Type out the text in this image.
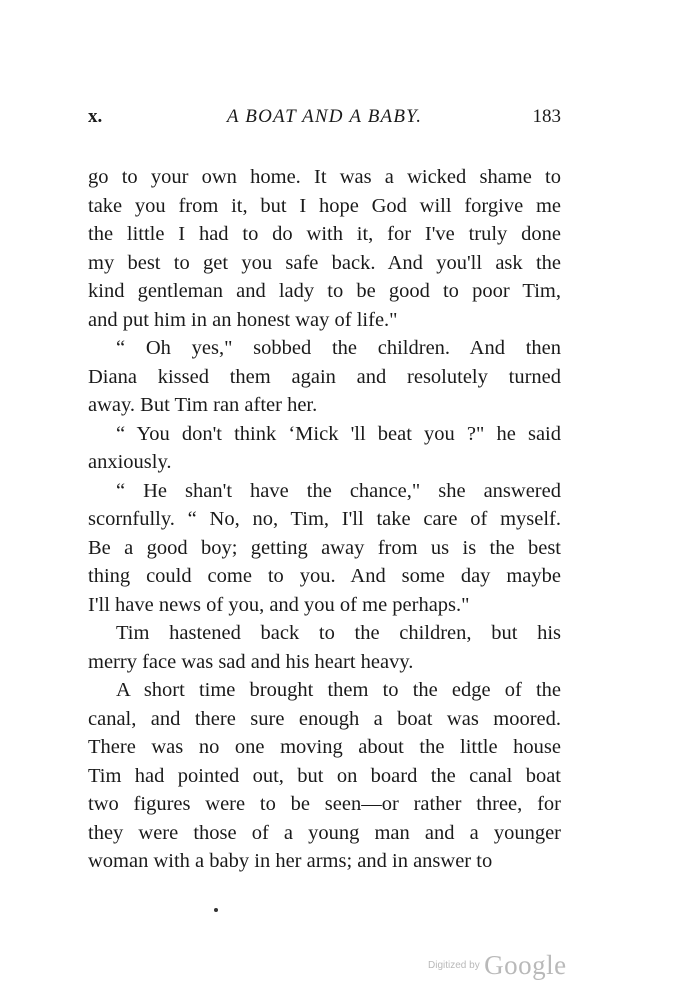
x.	A BOAT AND A BABY.	183

go to your own home. It was a wicked shame to
take you from it, but I hope God will forgive me
the little I had to do with it, for I've truly done
my best to get you safe back. And you'll ask the
kind gentleman and lady to be good to poor Tim,
and put him in an honest way of life."

“ Oh yes," sobbed the children. And then
Diana kissed them again and resolutely turned
away. But Tim ran after her.

“ You don't think ‘Mick 'll beat you ?" he said
anxiously.

“ He shan't have the chance," she answered
scornfully. “ No, no, Tim, I'll take care of myself.
Be a good boy; getting away from us is the best
thing could come to you. And some day maybe
I'll have news of you, and you of me perhaps."

Tim hastened back to the children, but his
merry face was sad and his heart heavy.

A short time brought them to the edge of the
canal, and there sure enough a boat was moored.
There was no one moving about the little house
Tim had pointed out, but on board the canal boat
two figures were to be seen—or rather three, for
they were those of a young man and a younger
woman with a baby in her arms; and in answer to

Digitized by Google
